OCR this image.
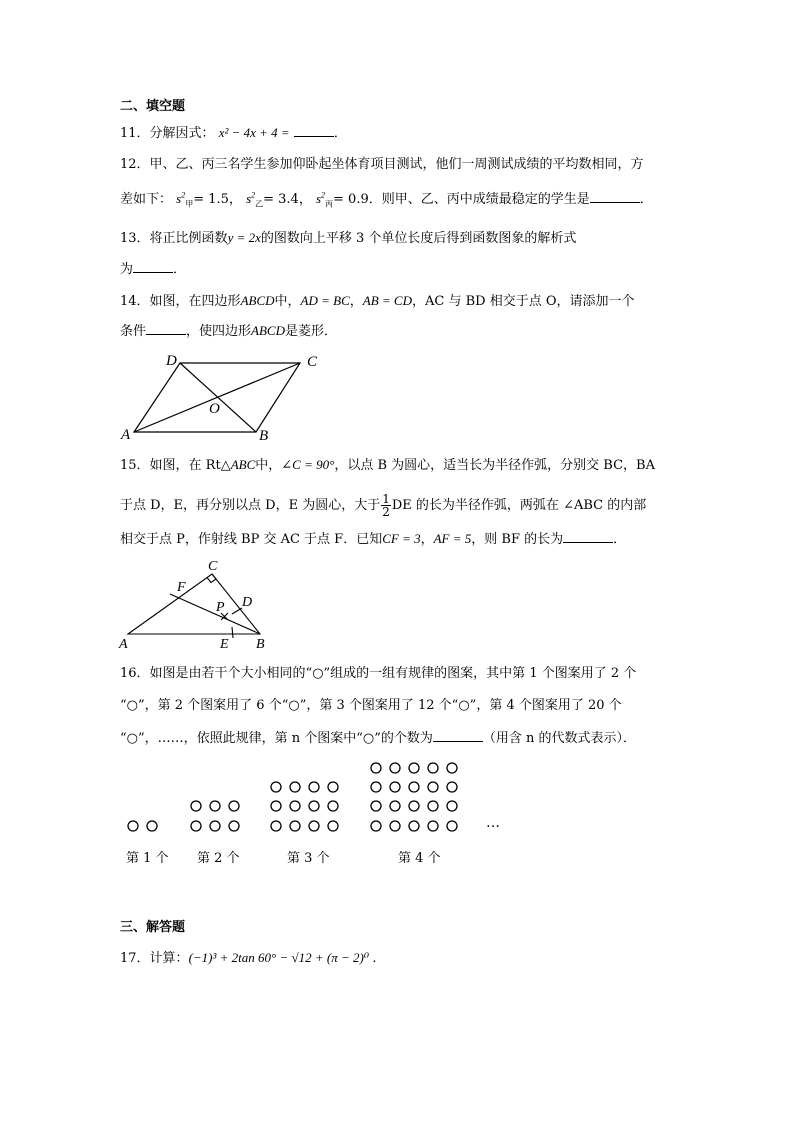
二、填空题
11．分解因式： x² − 4x + 4 =	．
12．甲、乙、丙三名学生参加仰卧起坐体育项目测试，他们一周测试成绩的平均数相同，方
差如下： $s^2_甲= 1.5$， $s^2_乙= 3.4$， $s^2_丙= 0.9$．则甲、乙、丙中成绩最稳定的学生是	．
13．将正比例函数y = 2x的图数向上平移 3 个单位长度后得到函数图象的解析式
为	．
14．如图，在四边形ABCD中，AD = BC，AB = CD，AC 与 BD 相交于点 O，请添加一个
条件	，使四边形ABCD是菱形．
A	B
C
D
O
A	B
C
D
E
F
P
15．如图，在 Rt△ABC中，∠C = 90°，以点 B 为圆心，适当长为半径作弧，分别交 BC，BA
于点 D，E，再分别以点 D，E 为圆心，大于 $\frac{1}{2}$ DE 的长为半径作弧，两弧在 ∠ABC 的内部
相交于点 P，作射线 BP 交 AC 于点 F．已知CF = 3，AF = 5，则 BF 的长为	．
16．如图是由若干个大小相同的“○”组成的一组有规律的图案，其中第 1 个图案用了 2 个
“○”，第 2 个图案用了 6 个“○”，第 3 个图案用了 12 个“○”，第 4 个图案用了 20 个
“○”，……，依照此规律，第 n 个图案中“○”的个数为	（用含 n 的代数式表示）．
第 1 个 第 2 个	第 3 个	第 4 个
…
三、解答题
17．计算：(−1)³ + 2tan 60° − √12 + (π − 2)⁰ ．
